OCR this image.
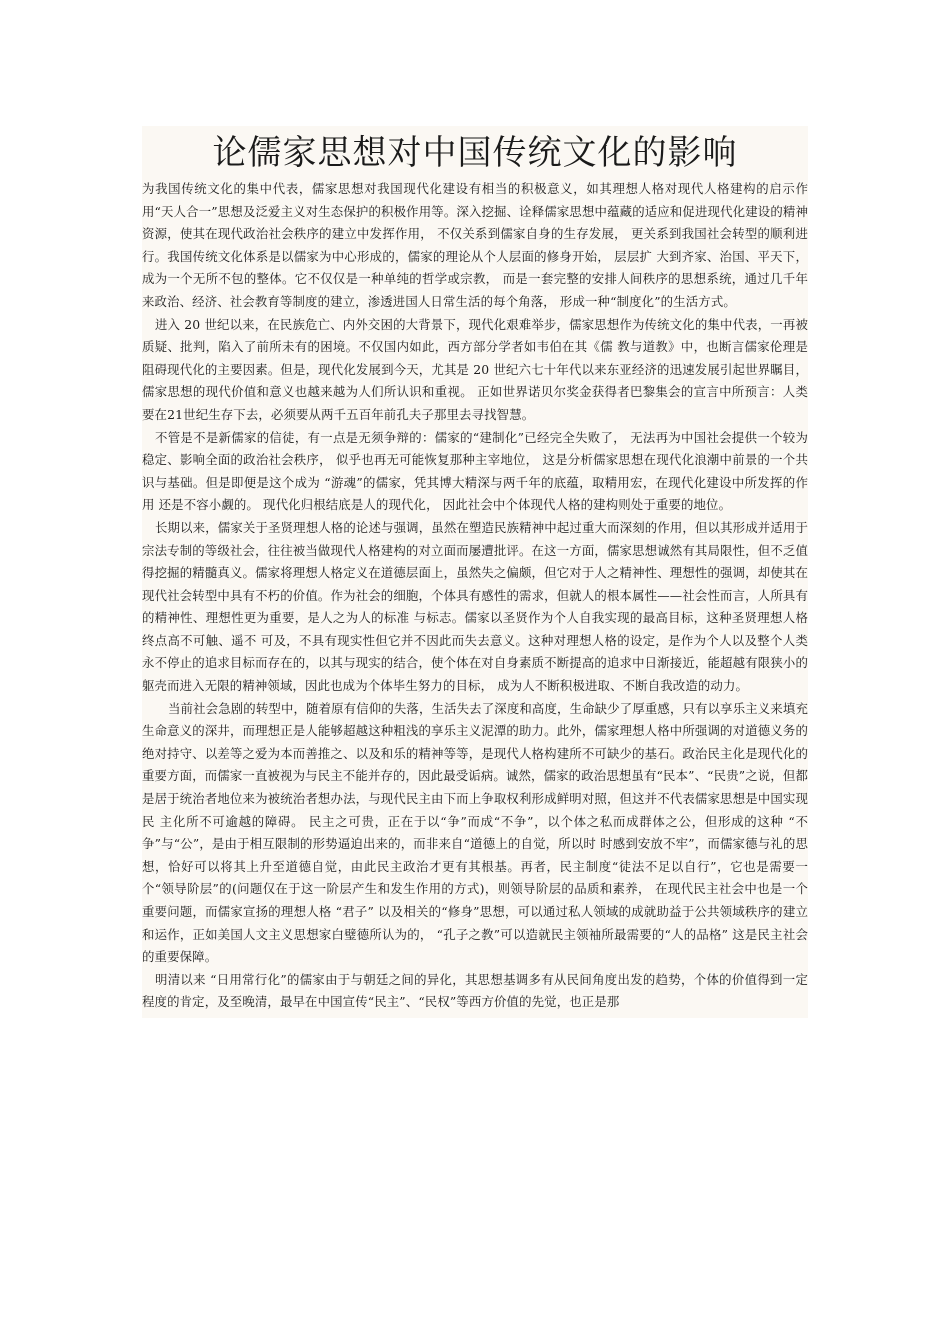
论儒家思想对中国传统文化的影响

为我国传统文化的集中代表，儒家思想对我国现代化建设有相当的积极意义，如其理想人格对现代人格建构的启示作用“天人合一”思想及泛爱主义对生态保护的积极作用等。深入挖掘、诠释儒家思想中蕴藏的适应和促进现代化建设的精神资源，使其在现代政治社会秩序的建立中发挥作用， 不仅关系到儒家自身的生存发展， 更关系到我国社会转型的顺利进行。我国传统文化体系是以儒家为中心形成的，儒家的理论从个人层面的修身开始， 层层扩 大到齐家、治国、平天下，成为一个无所不包的整体。它不仅仅是一种单纯的哲学或宗教， 而是一套完整的安排人间秩序的思想系统，通过几千年来政治、经济、社会教育等制度的建立，渗透进国人日常生活的每个角落， 形成一种“制度化”的生活方式。

进入 20 世纪以来，在民族危亡、内外交困的大背景下，现代化艰难举步，儒家思想作为传统文化的集中代表，一再被质疑、批判，陷入了前所未有的困境。不仅国内如此，西方部分学者如韦伯在其《儒 教与道教》中，也断言儒家伦理是阻碍现代化的主要因素。但是，现代化发展到今天，尤其是 20 世纪六七十年代以来东亚经济的迅速发展引起世界瞩目， 儒家思想的现代价值和意义也越来越为人们所认识和重视。 正如世界诺贝尔奖金获得者巴黎集会的宣言中所预言：人类要在21世纪生存下去，必须要从两千五百年前孔夫子那里去寻找智慧。

不管是不是新儒家的信徒，有一点是无须争辩的：儒家的“建制化”已经完全失败了， 无法再为中国社会提供一个较为稳定、影响全面的政治社会秩序， 似乎也再无可能恢复那种主宰地位， 这是分析儒家思想在现代化浪潮中前景的一个共识与基础。但是即便是这个成为 “游魂”的儒家，凭其博大精深与两千年的底蕴，取精用宏，在现代化建设中所发挥的作用 还是不容小觑的。 现代化归根结底是人的现代化， 因此社会中个体现代人格的建构则处于重要的地位。

长期以来，儒家关于圣贤理想人格的论述与强调，虽然在塑造民族精神中起过重大而深刻的作用，但以其形成并适用于宗法专制的等级社会，往往被当做现代人格建构的对立面而屡遭批评。在这一方面，儒家思想诚然有其局限性，但不乏值得挖掘的精髓真义。儒家将理想人格定义在道德层面上，虽然失之偏颇，但它对于人之精神性、理想性的强调，却使其在现代社会转型中具有不朽的价值。作为社会的细胞，个体具有感性的需求，但就人的根本属性——社会性而言，人所具有的精神性、理想性更为重要，是人之为人的标准 与标志。儒家以圣贤作为个人自我实现的最高目标，这种圣贤理想人格终点高不可触、遥不 可及，不具有现实性但它并不因此而失去意义。这种对理想人格的设定，是作为个人以及整个人类永不停止的追求目标而存在的，以其与现实的结合，使个体在对自身素质不断提高的追求中日渐接近，能超越有限狭小的躯壳而进入无限的精神领域，因此也成为个体毕生努力的目标， 成为人不断积极进取、不断自我改造的动力。

当前社会急剧的转型中，随着原有信仰的失落，生活失去了深度和高度，生命缺少了厚重感，只有以享乐主义来填充生命意义的深井，而理想正是人能够超越这种粗浅的享乐主义泥潭的助力。此外，儒家理想人格中所强调的对道德义务的绝对持守、以差等之爱为本而善推之、以及和乐的精神等等，是现代人格构建所不可缺少的基石。政治民主化是现代化的重要方面，而儒家一直被视为与民主不能并存的，因此最受诟病。诚然，儒家的政治思想虽有“民本”、“民贵”之说，但都是居于统治者地位来为被统治者想办法，与现代民主由下而上争取权利形成鲜明对照，但这并不代表儒家思想是中国实现民 主化所不可逾越的障碍。 民主之可贵，正在于以“争”而成“不争”，以个体之私而成群体之公，但形成的这种 “不争”与“公”，是由于相互限制的形势逼迫出来的，而非来自“道德上的自觉，所以时 时感到安放不牢”，而儒家德与礼的思想，恰好可以将其上升至道德自觉，由此民主政治才更有其根基。再者，民主制度“徒法不足以自行”，它也是需要一个“领导阶层”的(问题仅在于这一阶层产生和发生作用的方式)，则领导阶层的品质和素养， 在现代民主社会中也是一个重要问题，而儒家宣扬的理想人格 “君子” 以及相关的“修身”思想，可以通过私人领域的成就助益于公共领域秩序的建立和运作，正如美国人文主义思想家白璧德所认为的， “孔子之教”可以造就民主领袖所最需要的“人的品格” 这是民主社会的重要保障。

明清以来 “日用常行化”的儒家由于与朝廷之间的异化，其思想基调多有从民间角度出发的趋势，个体的价值得到一定程度的肯定，及至晚清，最早在中国宣传“民主”、“民权”等西方价值的先觉，也正是那
